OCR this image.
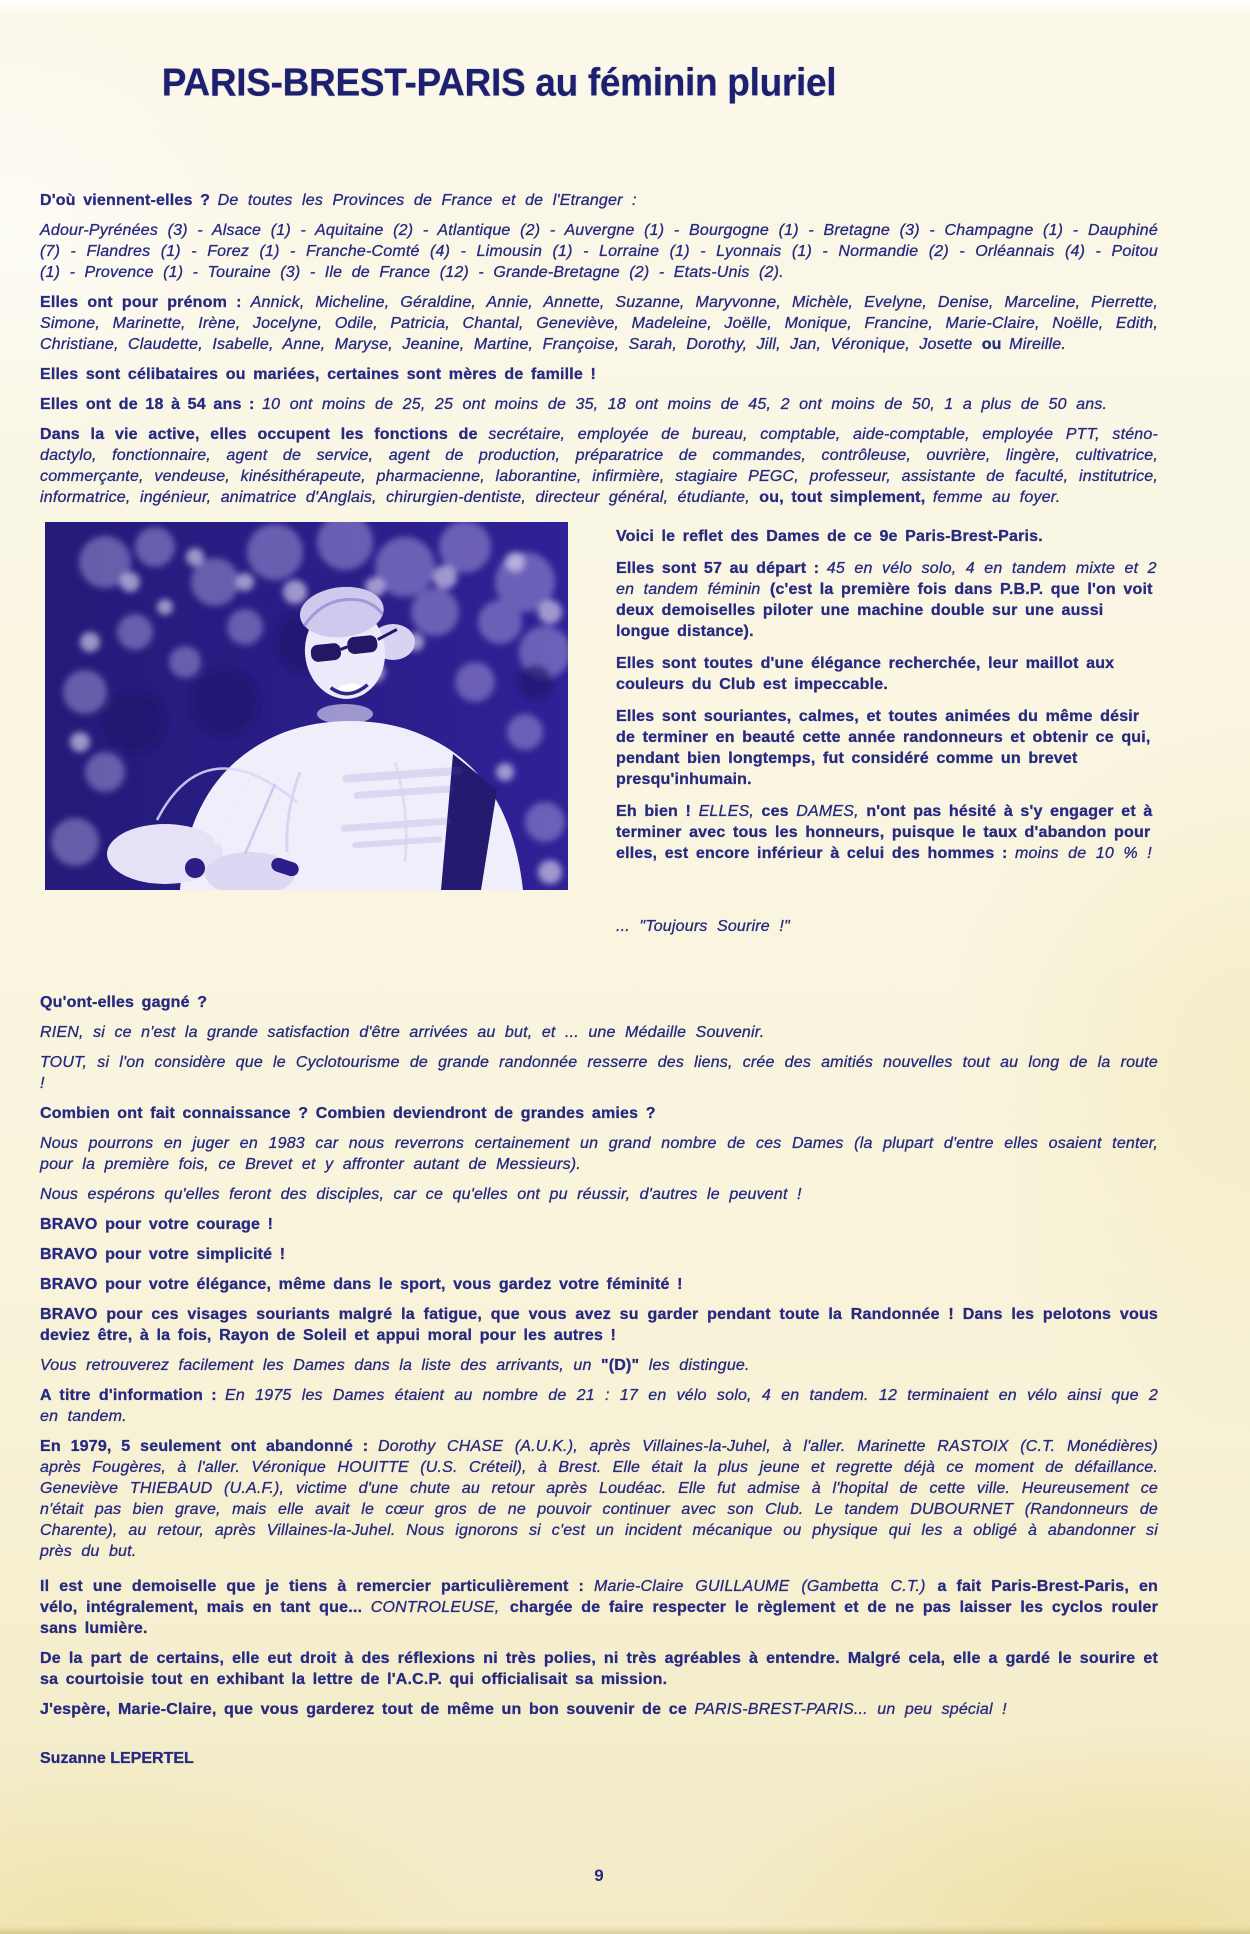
PARIS-BREST-PARIS au féminin pluriel

D'où viennent-elles ? De toutes les Provinces de France et de l'Etranger :

Adour-Pyrénées (3) - Alsace (1) - Aquitaine (2) - Atlantique (2) - Auvergne (1) - Bourgogne (1) - Bretagne (3) - Champagne (1) - Dauphiné (7) - Flandres (1) - Forez (1) - Franche-Comté (4) - Limousin (1) - Lorraine (1) - Lyonnais (1) - Normandie (2) - Orléannais (4) - Poitou (1) - Provence (1) - Touraine (3) - Ile de France (12) - Grande-Bretagne (2) - Etats-Unis (2).

Elles ont pour prénom : Annick, Micheline, Géraldine, Annie, Annette, Suzanne, Maryvonne, Michèle, Evelyne, Denise, Marceline, Pierrette, Simone, Marinette, Irène, Jocelyne, Odile, Patricia, Chantal, Geneviève, Madeleine, Joëlle, Monique, Francine, Marie-Claire, Noëlle, Edith, Christiane, Claudette, Isabelle, Anne, Maryse, Jeanine, Martine, Françoise, Sarah, Dorothy, Jill, Jan, Véronique, Josette ou Mireille.

Elles sont célibataires ou mariées, certaines sont mères de famille !

Elles ont de 18 à 54 ans : 10 ont moins de 25, 25 ont moins de 35, 18 ont moins de 45, 2 ont moins de 50, 1 a plus de 50 ans.

Dans la vie active, elles occupent les fonctions de secrétaire, employée de bureau, comptable, aide-comptable, employée PTT, sténo-dactylo, fonctionnaire, agent de service, agent de production, préparatrice de commandes, contrôleuse, ouvrière, lingère, cultivatrice, commerçante, vendeuse, kinésithérapeute, pharmacienne, laborantine, infirmière, stagiaire PEGC, professeur, assistante de faculté, institutrice, informatrice, ingénieur, animatrice d'Anglais, chirurgien-dentiste, directeur général, étudiante, ou, tout simplement, femme au foyer.

Voici le reflet des Dames de ce 9e Paris-Brest-Paris.

Elles sont 57 au départ : 45 en vélo solo, 4 en tandem mixte et 2 en tandem féminin (c'est la première fois dans P.B.P. que l'on voit deux demoiselles piloter une machine double sur une aussi longue distance).

Elles sont toutes d'une élégance recherchée, leur maillot aux couleurs du Club est impeccable.

Elles sont souriantes, calmes, et toutes animées du même désir de terminer en beauté cette année randonneurs et obtenir ce qui, pendant bien longtemps, fut considéré comme un brevet presqu'inhumain.

Eh bien ! ELLES, ces DAMES, n'ont pas hésité à s'y engager et à terminer avec tous les honneurs, puisque le taux d'abandon pour elles, est encore inférieur à celui des hommes : moins de 10 % !

... "Toujours Sourire !"

Qu'ont-elles gagné ?

RIEN, si ce n'est la grande satisfaction d'être arrivées au but, et ... une Médaille Souvenir.

TOUT, si l'on considère que le Cyclotourisme de grande randonnée resserre des liens, crée des amitiés nouvelles tout au long de la route !

Combien ont fait connaissance ? Combien deviendront de grandes amies ?

Nous pourrons en juger en 1983 car nous reverrons certainement un grand nombre de ces Dames (la plupart d'entre elles osaient tenter, pour la première fois, ce Brevet et y affronter autant de Messieurs).

Nous espérons qu'elles feront des disciples, car ce qu'elles ont pu réussir, d'autres le peuvent !

BRAVO pour votre courage !

BRAVO pour votre simplicité !

BRAVO pour votre élégance, même dans le sport, vous gardez votre féminité !

BRAVO pour ces visages souriants malgré la fatigue, que vous avez su garder pendant toute la Randonnée ! Dans les pelotons vous deviez être, à la fois, Rayon de Soleil et appui moral pour les autres !

Vous retrouverez facilement les Dames dans la liste des arrivants, un "(D)" les distingue.

A titre d'information : En 1975 les Dames étaient au nombre de 21 : 17 en vélo solo, 4 en tandem. 12 terminaient en vélo ainsi que 2 en tandem.

En 1979, 5 seulement ont abandonné : Dorothy CHASE (A.U.K.), après Villaines-la-Juhel, à l'aller. Marinette RASTOIX (C.T. Monédières) après Fougères, à l'aller. Véronique HOUITTE (U.S. Créteil), à Brest. Elle était la plus jeune et regrette déjà ce moment de défaillance. Geneviève THIEBAUD (U.A.F.), victime d'une chute au retour après Loudéac. Elle fut admise à l'hopital de cette ville. Heureusement ce n'était pas bien grave, mais elle avait le cœur gros de ne pouvoir continuer avec son Club. Le tandem DUBOURNET (Randonneurs de Charente), au retour, après Villaines-la-Juhel. Nous ignorons si c'est un incident mécanique ou physique qui les a obligé à abandonner si près du but.

Il est une demoiselle que je tiens à remercier particulièrement : Marie-Claire GUILLAUME (Gambetta C.T.) a fait Paris-Brest-Paris, en vélo, intégralement, mais en tant que... CONTROLEUSE, chargée de faire respecter le règlement et de ne pas laisser les cyclos rouler sans lumière.

De la part de certains, elle eut droit à des réflexions ni très polies, ni très agréables à entendre. Malgré cela, elle a gardé le sourire et sa courtoisie tout en exhibant la lettre de l'A.C.P. qui officialisait sa mission.

J'espère, Marie-Claire, que vous garderez tout de même un bon souvenir de ce PARIS-BREST-PARIS... un peu spécial !

Suzanne LEPERTEL

9
